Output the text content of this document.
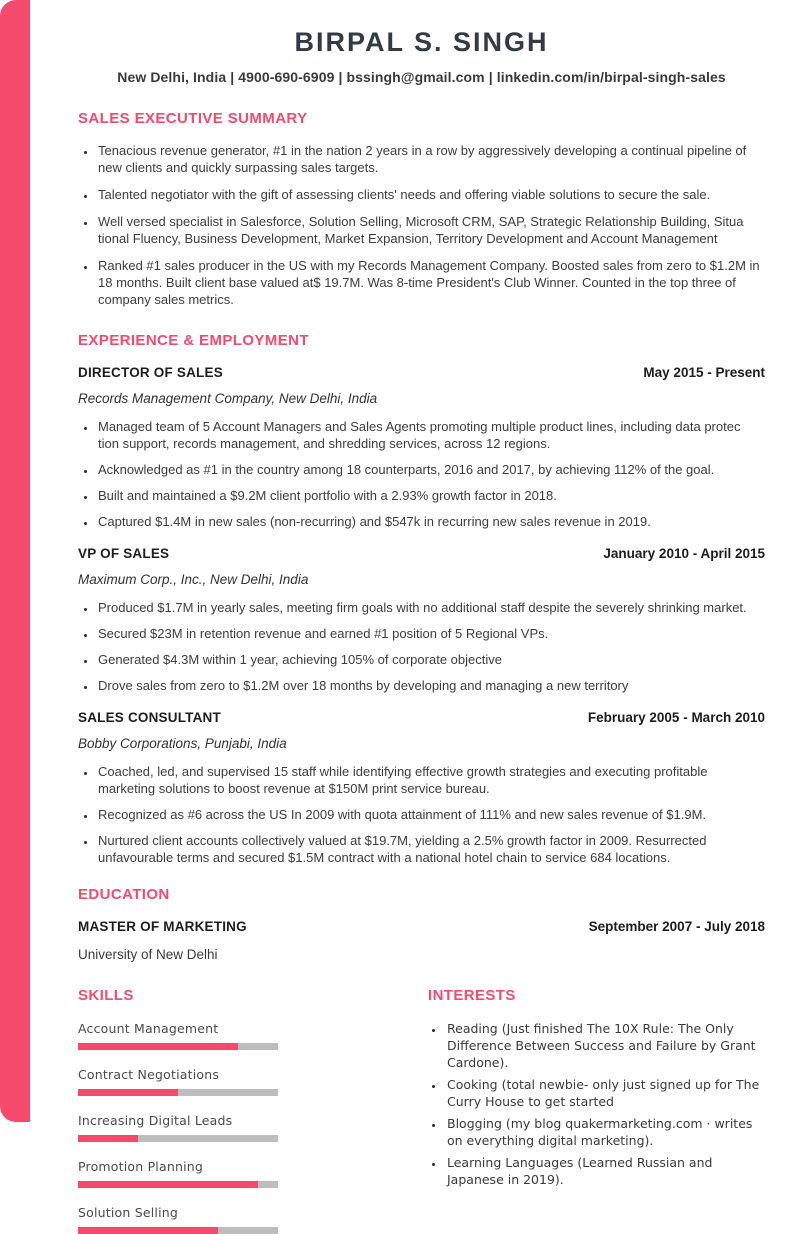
BIRPAL S. SINGH
New Delhi, India | 4900-690-6909 | bssingh@gmail.com | linkedin.com/in/birpal-singh-sales
SALES EXECUTIVE SUMMARY
• Tenacious revenue generator, #1 in the nation 2 years in a row by aggressively developing a continual pipeline of new clients and quickly surpassing sales targets.
• Talented negotiator with the gift of assessing clients' needs and offering viable solutions to secure the sale.
• Well versed specialist in Salesforce, Solution Selling, Microsoft CRM, SAP, Strategic Relationship Building, Situa tional Fluency, Business Development, Market Expansion, Territory Development and Account Management
• Ranked #1 sales producer in the US with my Records Management Company. Boosted sales from zero to $1.2M in 18 months. Built client base valued at$ 19.7M. Was 8-time President's Club Winner. Counted in the top three of company sales metrics.
EXPERIENCE & EMPLOYMENT
DIRECTOR OF SALES	May 2015 - Present
Records Management Company, New Delhi, India
• Managed team of 5 Account Managers and Sales Agents promoting multiple product lines, including data protec tion support, records management, and shredding services, across 12 regions.
• Acknowledged as #1 in the country among 18 counterparts, 2016 and 2017, by achieving 112% of the goal.
• Built and maintained a $9.2M client portfolio with a 2.93% growth factor in 2018.
• Captured $1.4M in new sales (non-recurring) and $547k in recurring new sales revenue in 2019.
VP OF SALES	January 2010 - April 2015
Maximum Corp., Inc., New Delhi, India
• Produced $1.7M in yearly sales, meeting firm goals with no additional staff despite the severely shrinking market.
• Secured $23M in retention revenue and earned #1 position of 5 Regional VPs.
• Generated $4.3M within 1 year, achieving 105% of corporate objective
• Drove sales from zero to $1.2M over 18 months by developing and managing a new territory
SALES CONSULTANT	February 2005 - March 2010
Bobby Corporations, Punjabi, India
• Coached, led, and supervised 15 staff while identifying effective growth strategies and executing profitable marketing solutions to boost revenue at $150M print service bureau.
• Recognized as #6 across the US In 2009 with quota attainment of 111% and new sales revenue of $1.9M.
• Nurtured client accounts collectively valued at $19.7M, yielding a 2.5% growth factor in 2009. Resurrected unfavourable terms and secured $1.5M contract with a national hotel chain to service 684 locations.
EDUCATION
MASTER OF MARKETING	September 2007 - July 2018
University of New Delhi
SKILLS
Account Management
Contract Negotiations
Increasing Digital Leads
Promotion Planning
Solution Selling
INTERESTS
• Reading (Just finished The 10X Rule: The Only Difference Between Success and Failure by Grant Cardone).
• Cooking (total newbie- only just signed up for The Curry House to get started
• Blogging (my blog quakermarketing.com · writes on everything digital marketing).
• Learning Languages (Learned Russian and Japanese in 2019).
